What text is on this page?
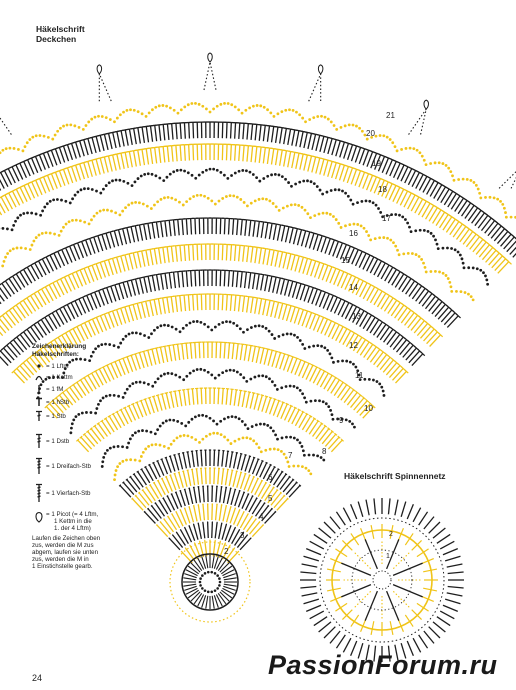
Häkelschrift
Deckchen
Häkelschrift Spinnennetz
Zeichenerklärung
Häkelschriften:
= 1 Lftm
= 1 Kettm
= 1 fM
= 1 hStb
= 1 Stb
= 1 Dstb
= 1 Dreifach-Stb
= 1 Vierfach-Stb
= 1 Picot (= 4 Lftm,
1 Kettm in die
1. der 4 Lftm)
Laufen die Zeichen oben
zus, werden die M zus
abgem, laufen sie unten
zus, werden die M in
1 Einstichstelle gearb.
21
20
19
18
17
16
15
14
13
12
11
10
9
8
7
6
5
4
3
2
2
1
24	PassionForum.ru
